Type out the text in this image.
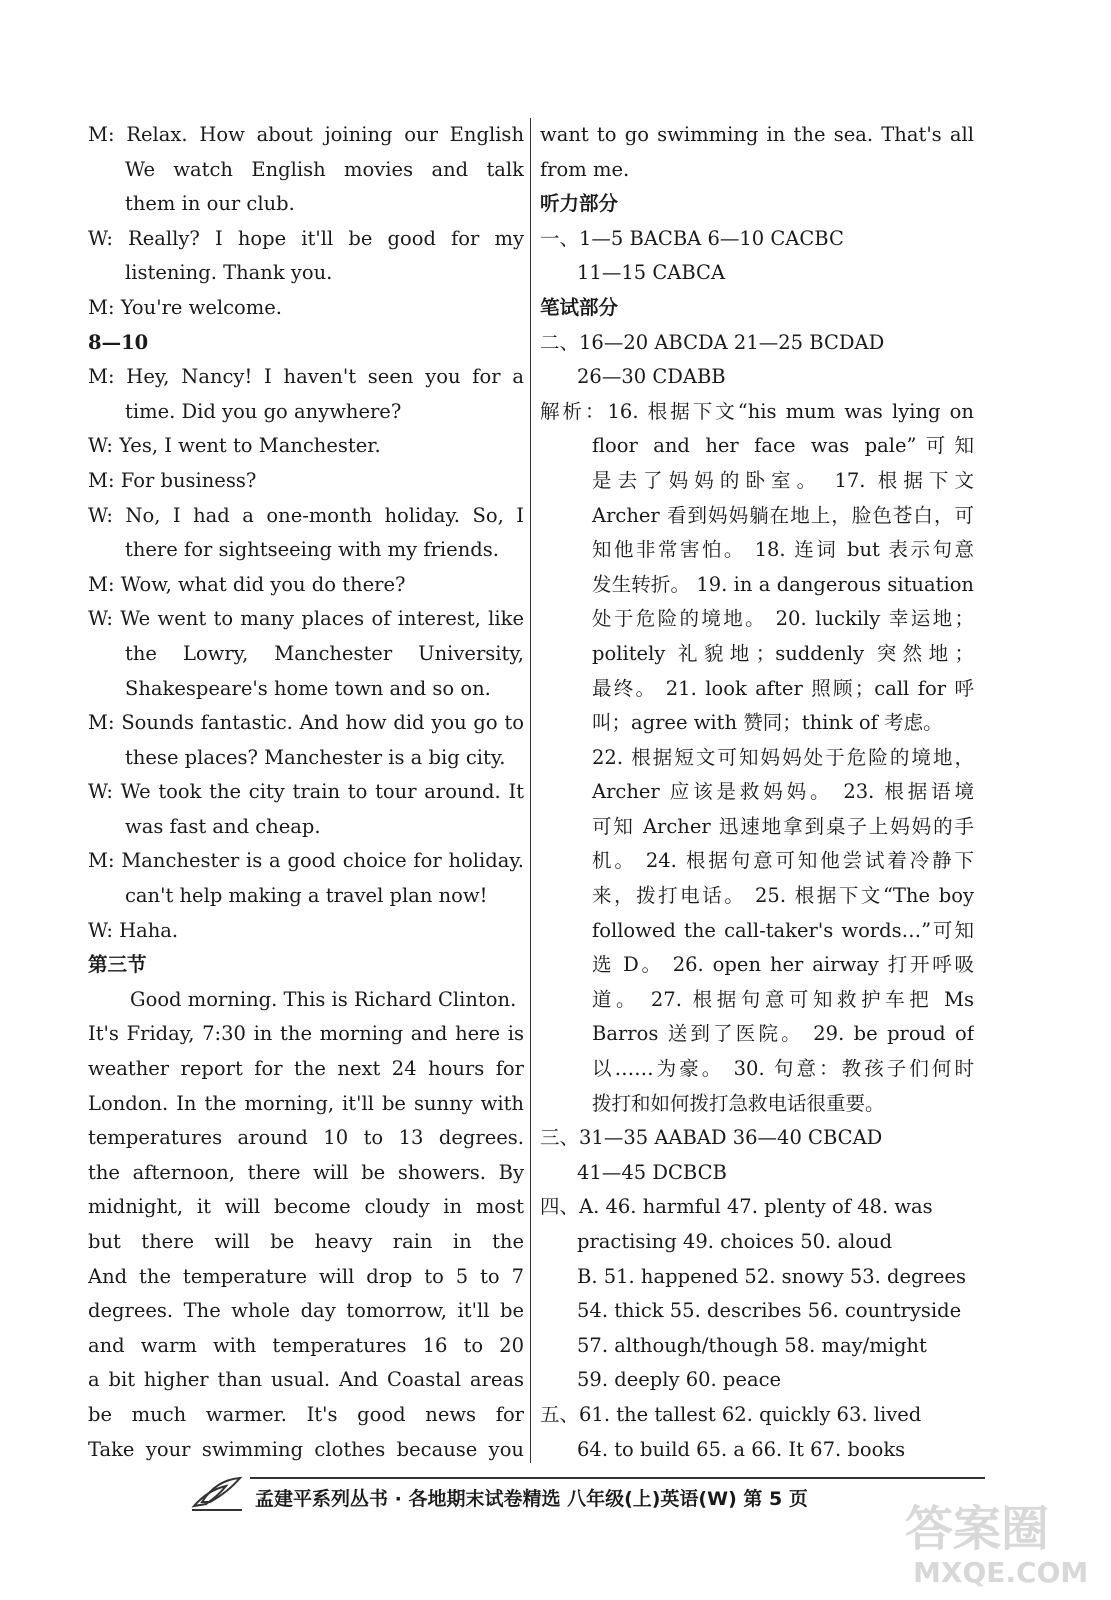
M: Relax. How about joining our English
We watch English movies and talk
them in our club.
W: Really? I hope it'll be good for my
listening. Thank you.
M: You're welcome.
8—10
M: Hey, Nancy! I haven't seen you for a
time. Did you go anywhere?
W: Yes, I went to Manchester.
M: For business?
W: No, I had a one-month holiday. So, I
there for sightseeing with my friends.
M: Wow, what did you do there?
W: We went to many places of interest, like
the Lowry, Manchester University,
Shakespeare's home town and so on.
M: Sounds fantastic. And how did you go to
these places? Manchester is a big city.
W: We took the city train to tour around. It
was fast and cheap.
M: Manchester is a good choice for holiday.
can't help making a travel plan now!
W: Haha.
第三节
Good morning. This is Richard Clinton.
It's Friday, 7:30 in the morning and here is
weather report for the next 24 hours for
London. In the morning, it'll be sunny with
temperatures around 10 to 13 degrees.
the afternoon, there will be showers. By
midnight, it will become cloudy in most
but there will be heavy rain in the
And the temperature will drop to 5 to 7
degrees. The whole day tomorrow, it'll be
and warm with temperatures 16 to 20
a bit higher than usual. And Coastal areas
be much warmer. It's good news for
Take your swimming clothes because you
want to go swimming in the sea. That's all
from me.
听力部分
一、1—5 BACBA 6—10 CACBC
11—15 CABCA
笔试部分
二、16—20 ABCDA 21—25 BCDAD
26—30 CDABB
解析：16. 根据下文“his mum was lying on
floor and her face was pale”可知
是去了妈妈的卧室。 17. 根据下文
Archer 看到妈妈躺在地上，脸色苍白，可
知他非常害怕。 18. 连词 but 表示句意
发生转折。 19. in a dangerous situation
处于危险的境地。 20. luckily 幸运地；
politely 礼貌地；suddenly 突然地；
最终。 21. look after 照顾；call for 呼
叫；agree with 赞同；think of 考虑。
22. 根据短文可知妈妈处于危险的境地，
Archer 应该是救妈妈。 23. 根据语境
可知 Archer 迅速地拿到桌子上妈妈的手
机。 24. 根据句意可知他尝试着冷静下
来，拨打电话。 25. 根据下文“The boy
followed the call-taker's words…”可知
选 D。 26. open her airway 打开呼吸
道。 27. 根据句意可知救护车把 Ms
Barros 送到了医院。 29. be proud of
以……为豪。 30. 句意：教孩子们何时
拨打和如何拨打急救电话很重要。
三、31—35 AABAD 36—40 CBCAD
41—45 DCBCB
四、A. 46. harmful 47. plenty of 48. was
practising 49. choices 50. aloud
B. 51. happened 52. snowy 53. degrees
54. thick 55. describes 56. countryside
57. although/though 58. may/might
59. deeply 60. peace
五、61. the tallest 62. quickly 63. lived
64. to build 65. a 66. It 67. books
孟建平系列丛书 · 各地期末试卷精选 八年级(上)英语(W) 第 5 页
答案圈
MXQE.COM
